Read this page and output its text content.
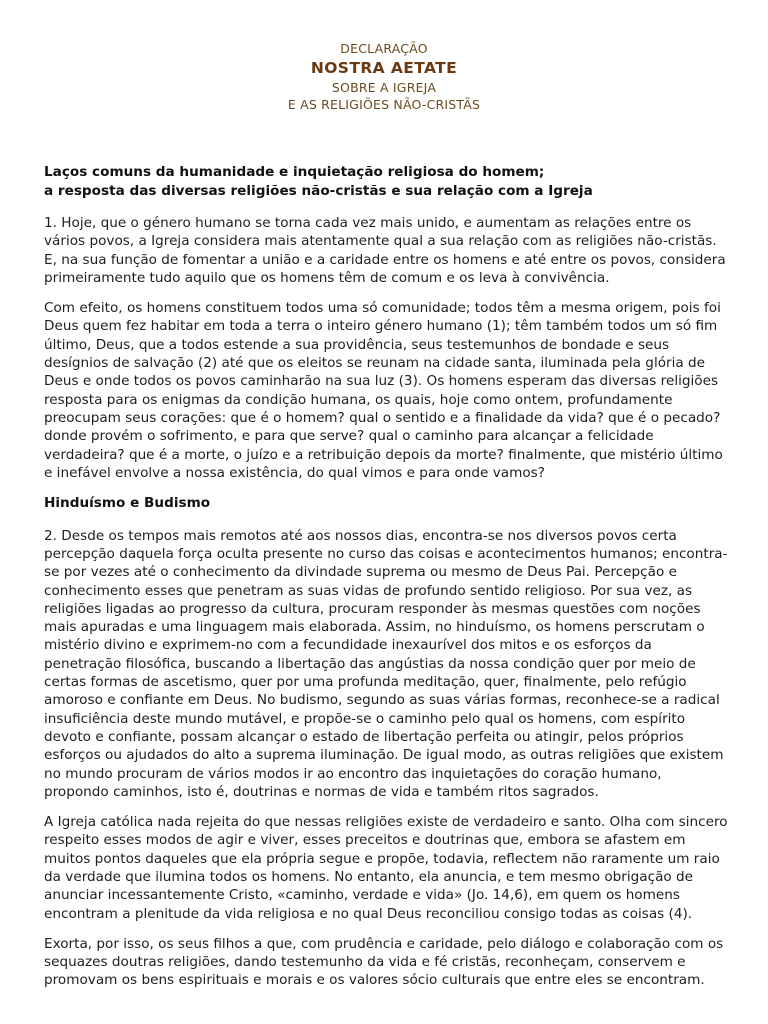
DECLARAÇÃO
NOSTRA AETATE
SOBRE A IGREJA
E AS RELIGIÕES NÃO-CRISTÃS
Laços comuns da humanidade e inquietação religiosa do homem;
a resposta das diversas religiões não-cristãs e sua relação com a Igreja

1. Hoje, que o género humano se torna cada vez mais unido, e aumentam as relações entre os vários povos, a Igreja considera mais atentamente qual a sua relação com as religiões não-cristãs. E, na sua função de fomentar a união e a caridade entre os homens e até entre os povos, considera primeiramente tudo aquilo que os homens têm de comum e os leva à convivência.

Com efeito, os homens constituem todos uma só comunidade; todos têm a mesma origem, pois foi Deus quem fez habitar em toda a terra o inteiro género humano (1); têm também todos um só fim último, Deus, que a todos estende a sua providência, seus testemunhos de bondade e seus desígnios de salvação (2) até que os eleitos se reunam na cidade santa, iluminada pela glória de Deus e onde todos os povos caminharão na sua luz (3). Os homens esperam das diversas religiões resposta para os enigmas da condição humana, os quais, hoje como ontem, profundamente preocupam seus corações: que é o homem? qual o sentido e a finalidade da vida? que é o pecado? donde provém o sofrimento, e para que serve? qual o caminho para alcançar a felicidade verdadeira? que é a morte, o juízo e a retribuição depois da morte? finalmente, que mistério último e inefável envolve a nossa existência, do qual vimos e para onde vamos?

Hinduísmo e Budismo

2. Desde os tempos mais remotos até aos nossos dias, encontra-se nos diversos povos certa percepção daquela força oculta presente no curso das coisas e acontecimentos humanos; encontra-se por vezes até o conhecimento da divindade suprema ou mesmo de Deus Pai. Percepção e conhecimento esses que penetram as suas vidas de profundo sentido religioso. Por sua vez, as religiões ligadas ao progresso da cultura, procuram responder às mesmas questões com noções mais apuradas e uma linguagem mais elaborada. Assim, no hinduísmo, os homens perscrutam o mistério divino e exprimem-no com a fecundidade inexaurível dos mitos e os esforços da penetração filosófica, buscando a libertação das angústias da nossa condição quer por meio de certas formas de ascetismo, quer por uma profunda meditação, quer, finalmente, pelo refúgio amoroso e confiante em Deus. No budismo, segundo as suas várias formas, reconhece-se a radical insuficiência deste mundo mutável, e propõe-se o caminho pelo qual os homens, com espírito devoto e confiante, possam alcançar o estado de libertação perfeita ou atingir, pelos próprios esforços ou ajudados do alto a suprema iluminação. De igual modo, as outras religiões que existem no mundo procuram de vários modos ir ao encontro das inquietações do coração humano, propondo caminhos, isto é, doutrinas e normas de vida e também ritos sagrados.

A Igreja católica nada rejeita do que nessas religiões existe de verdadeiro e santo. Olha com sincero respeito esses modos de agir e viver, esses preceitos e doutrinas que, embora se afastem em muitos pontos daqueles que ela própria segue e propõe, todavia, reflectem não raramente um raio da verdade que ilumina todos os homens. No entanto, ela anuncia, e tem mesmo obrigação de anunciar incessantemente Cristo, «caminho, verdade e vida» (Jo. 14,6), em quem os homens encontram a plenitude da vida religiosa e no qual Deus reconciliou consigo todas as coisas (4).

Exorta, por isso, os seus filhos a que, com prudência e caridade, pelo diálogo e colaboração com os sequazes doutras religiões, dando testemunho da vida e fé cristãs, reconheçam, conservem e promovam os bens espirituais e morais e os valores sócio culturais que entre eles se encontram.
